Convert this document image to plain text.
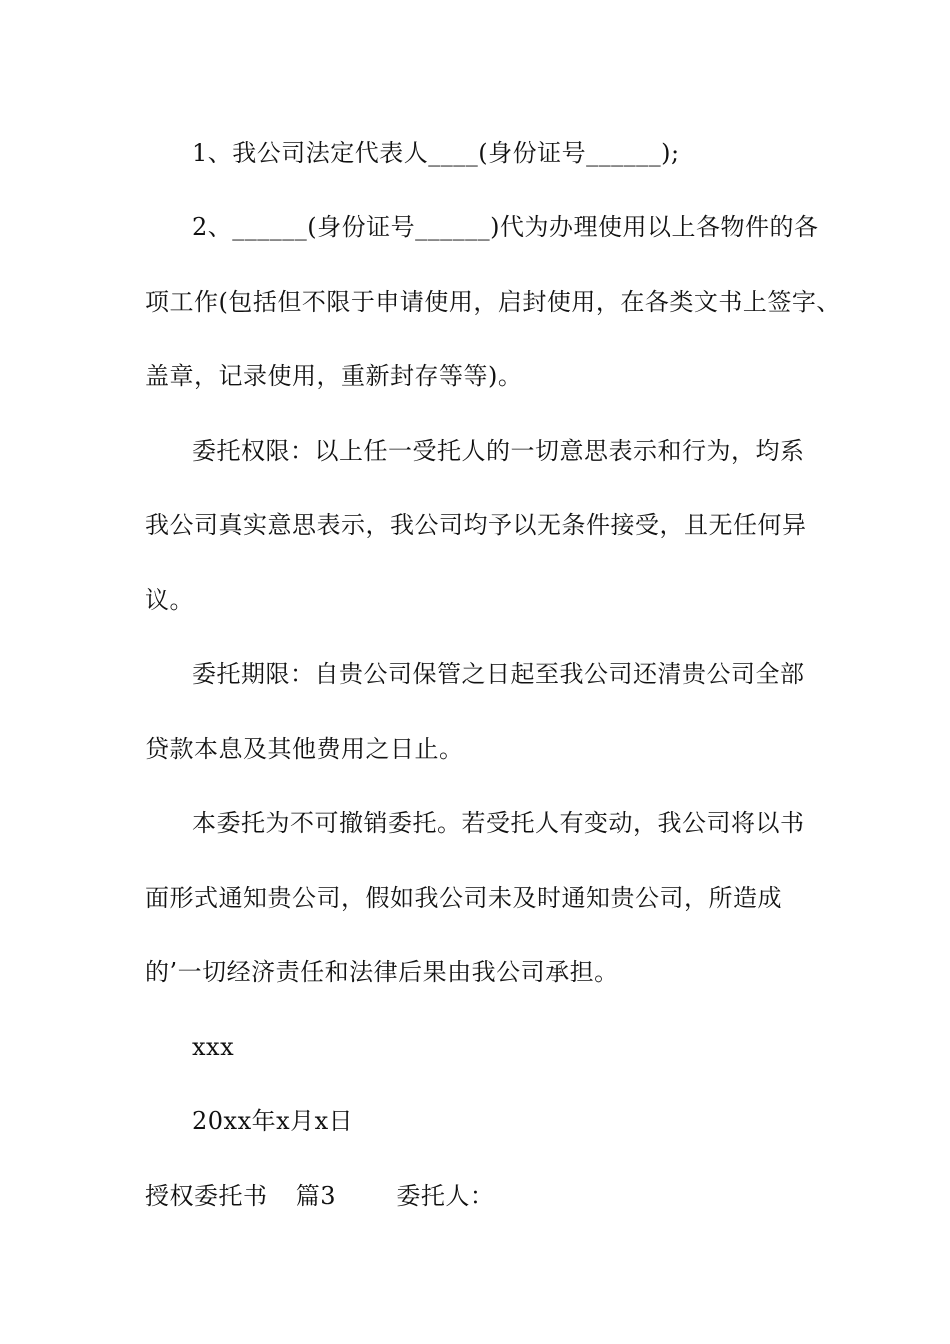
1、我公司法定代表人____(身份证号______);
2、______(身份证号______)代为办理使用以上各物件的各
项工作(包括但不限于申请使用，启封使用，在各类文书上签字、
盖章，记录使用，重新封存等等)。
委托权限：以上任一受托人的一切意思表示和行为，均系
我公司真实意思表示，我公司均予以无条件接受，且无任何异
议。
委托期限：自贵公司保管之日起至我公司还清贵公司全部
贷款本息及其他费用之日止。
本委托为不可撤销委托。若受托人有变动，我公司将以书
面形式通知贵公司，假如我公司未及时通知贵公司，所造成
的’一切经济责任和法律后果由我公司承担。
xxx
20xx年x月x日
授权委托书 篇3	委托人：
